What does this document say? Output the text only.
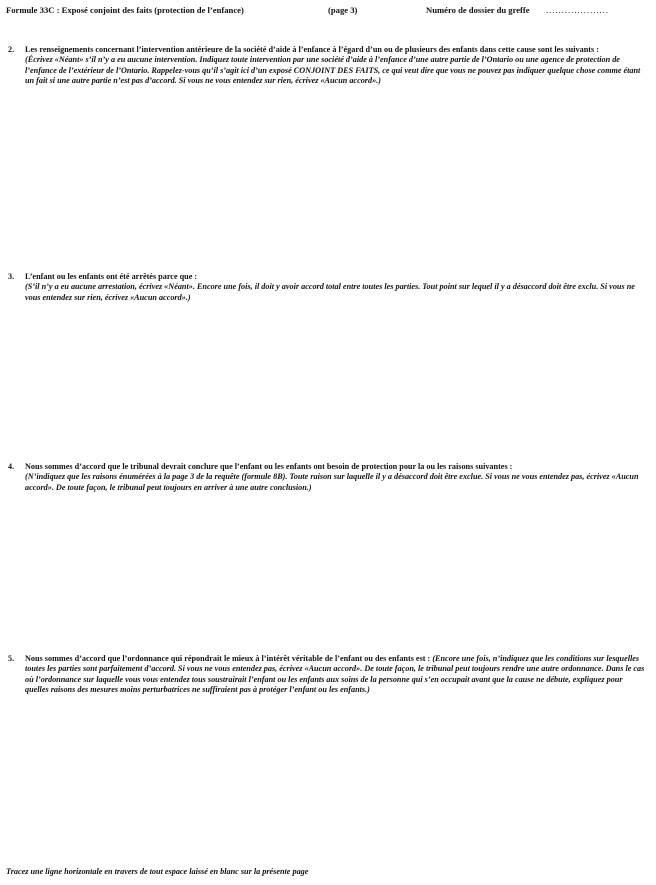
Formule 33C : Exposé conjoint des faits (protection de l’enfance)	(page 3)	Numéro de dossier du greffe ....................
2. Les renseignements concernant l’intervention antérieure de la société d’aide à l’enfance à l’égard d’un ou de plusieurs des enfants dans cette cause sont les suivants :
(Écrivez «Néant» s’il n’y a eu aucune intervention. Indiquez toute intervention par une société d’aide à l’enfance d’une autre partie de l’Ontario ou une agence de protection de l’enfance de l’extérieur de l’Ontario. Rappelez-vous qu’il s’agit ici d’un exposé CONJOINT DES FAITS, ce qui veut dire que vous ne pouvez pas indiquer quelque chose comme étant un fait si une autre partie n’est pas d’accord. Si vous ne vous entendez sur rien, écrivez «Aucun accord».)
3. L’enfant ou les enfants ont été arrêtés parce que :
(S’il n’y a eu aucune arrestation, écrivez «Néant». Encore une fois, il doit y avoir accord total entre toutes les parties. Tout point sur lequel il y a désaccord doit être exclu. Si vous ne vous entendez sur rien, écrivez «Aucun accord».)
4. Nous sommes d’accord que le tribunal devrait conclure que l’enfant ou les enfants ont besoin de protection pour la ou les raisons suivantes :
(N’indiquez que les raisons énumérées à la page 3 de la requête (formule 8B). Toute raison sur laquelle il y a désaccord doit être exclue. Si vous ne vous entendez pas, écrivez «Aucun accord». De toute façon, le tribunal peut toujours en arriver à une autre conclusion.)
5. Nous sommes d’accord que l’ordonnance qui répondrait le mieux à l’intérêt véritable de l’enfant ou des enfants est : (Encore une fois, n’indiquez que les conditions sur lesquelles toutes les parties sont parfaitement d’accord. Si vous ne vous entendez pas, écrivez «Aucun accord». De toute façon, le tribunal peut toujours rendre une autre ordonnance. Dans le cas où l’ordonnance sur laquelle vous vous entendez tous soustrairait l’enfant ou les enfants aux soins de la personne qui s’en occupait avant que la cause ne débute, expliquez pour quelles raisons des mesures moins perturbatrices ne suffiraient pas à protéger l’enfant ou les enfants.)
Tracez une ligne horizontale en travers de tout espace laissé en blanc sur la présente page
